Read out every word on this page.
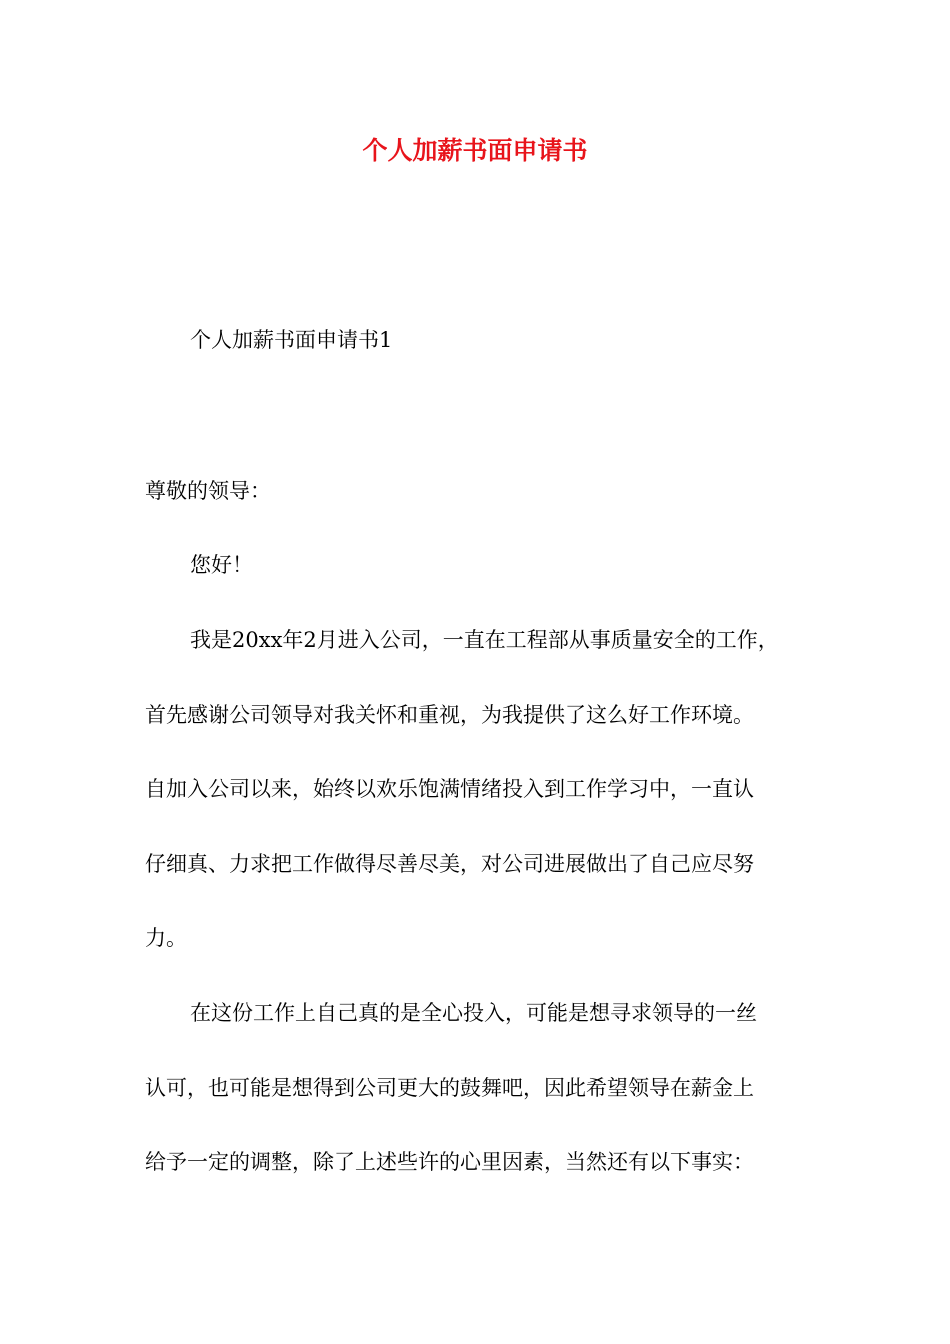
个人加薪书面申请书

个人加薪书面申请书1

尊敬的领导：

您好！

我是20xx年2月进入公司，一直在工程部从事质量安全的工作，
首先感谢公司领导对我关怀和重视，为我提供了这么好工作环境。
自加入公司以来，始终以欢乐饱满情绪投入到工作学习中，一直认
仔细真、力求把工作做得尽善尽美，对公司进展做出了自己应尽努
力。
在这份工作上自己真的是全心投入，可能是想寻求领导的一丝
认可，也可能是想得到公司更大的鼓舞吧，因此希望领导在薪金上
给予一定的调整，除了上述些许的心里因素，当然还有以下事实：
